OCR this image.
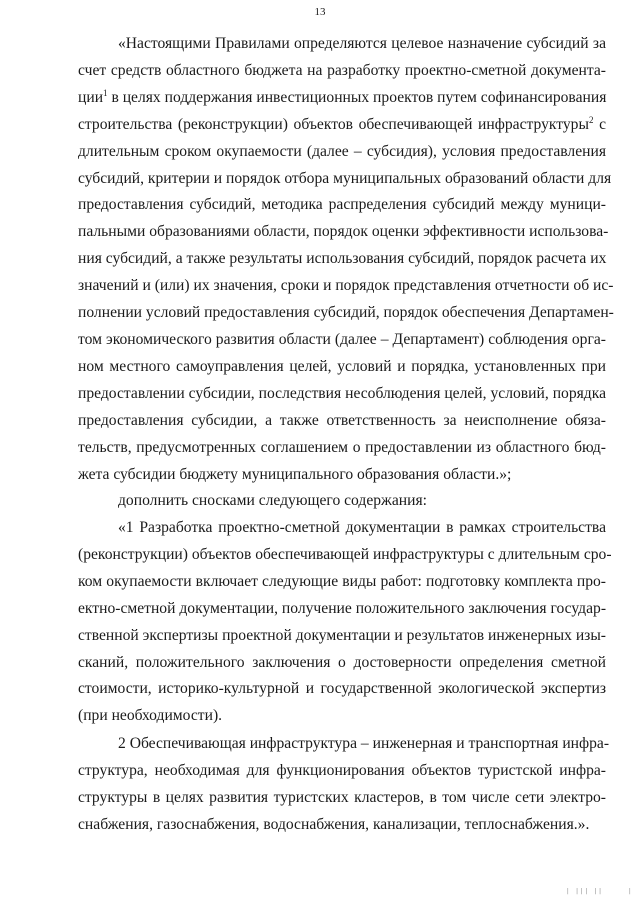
13
«Настоящими Правилами определяются целевое назначение субсидий за
счет средств областного бюджета на разработку проектно-сметной документа-
ции$^1$ в целях поддержания инвестиционных проектов путем софинансирования
строительства (реконструкции) объектов обеспечивающей инфраструктуры$^2$ с
длительным сроком окупаемости (далее – субсидия), условия предоставления
субсидий, критерии и порядок отбора муниципальных образований области для
предоставления субсидий, методика распределения субсидий между муници-
пальными образованиями области, порядок оценки эффективности использова-
ния субсидий, а также результаты использования субсидий, порядок расчета их
значений и (или) их значения, сроки и порядок представления отчетности об ис-
полнении условий предоставления субсидий, порядок обеспечения Департамен-
том экономического развития области (далее – Департамент) соблюдения орга-
ном местного самоуправления целей, условий и порядка, установленных при
предоставлении субсидии, последствия несоблюдения целей, условий, порядка
предоставления субсидии, а также ответственность за неисполнение обяза-
тельств, предусмотренных соглашением о предоставлении из областного бюд-
жета субсидии бюджету муниципального образования области.»;
дополнить сносками следующего содержания:
«1 Разработка проектно-сметной документации в рамках строительства
(реконструкции) объектов обеспечивающей инфраструктуры с длительным сро-
ком окупаемости включает следующие виды работ: подготовку комплекта про-
ектно-сметной документации, получение положительного заключения государ-
ственной экспертизы проектной документации и результатов инженерных изы-
сканий, положительного заключения о достоверности определения сметной
стоимости, историко-культурной и государственной экологической экспертиз
(при необходимости).
2 Обеспечивающая инфраструктура – инженерная и транспортная инфра-
структура, необходимая для функционирования объектов туристской инфра-
структуры в целях развития туристских кластеров, в том числе сети электро-
снабжения, газоснабжения, водоснабжения, канализации, теплоснабжения.».
| ||| ||	|
